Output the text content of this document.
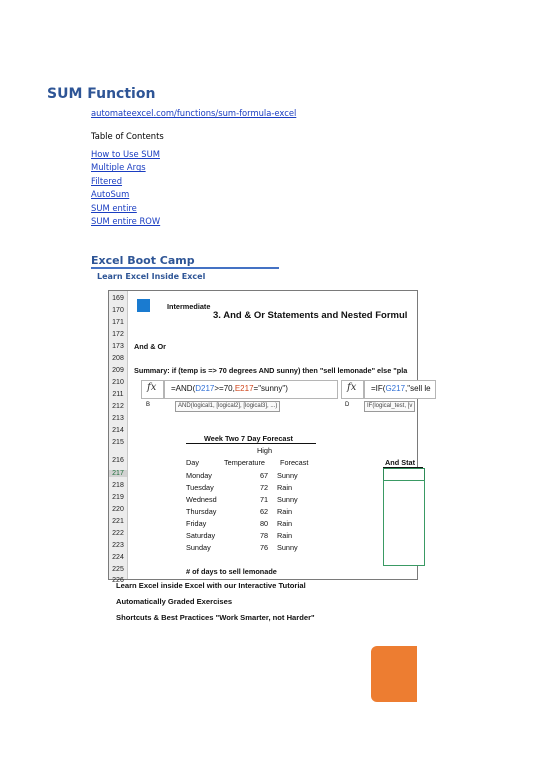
SUM Function
automateexcel.com/functions/sum-formula-excel
Table of Contents
How to Use SUM
Multiple Args
Filtered
AutoSum
SUM entire
SUM entire ROW
Excel Boot Camp
Learn Excel Inside Excel
169
170
171
172
173
208
209
210
211
212
213
214
215
216
217
218
219
220
221
222
223
224
225
226
Intermediate
3. And & Or Statements and Nested Formul
And & Or
Summary: if (temp is => 70 degrees AND sunny) then "sell lemonade" else "pla
fx =AND(D217>=70,E217="sunny")
B	AND(logical1, [logical2], [logical3], ...)
fx =IF(G217,"sell le
D	IF(logical_test, [v
Week Two 7 Day Forecast
High
Day	Temperature Forecast	And Stat
Monday	67 Sunny
Tuesday	72 Rain
Wednesd	71 Sunny
Thursday	62 Rain
Friday	80 Rain
Saturday	78 Rain
Sunday	76 Sunny
# of days to sell lemonade
Learn Excel inside Excel with our Interactive Tutorial
Automatically Graded Exercises
Shortcuts & Best Practices "Work Smarter, not Harder"
